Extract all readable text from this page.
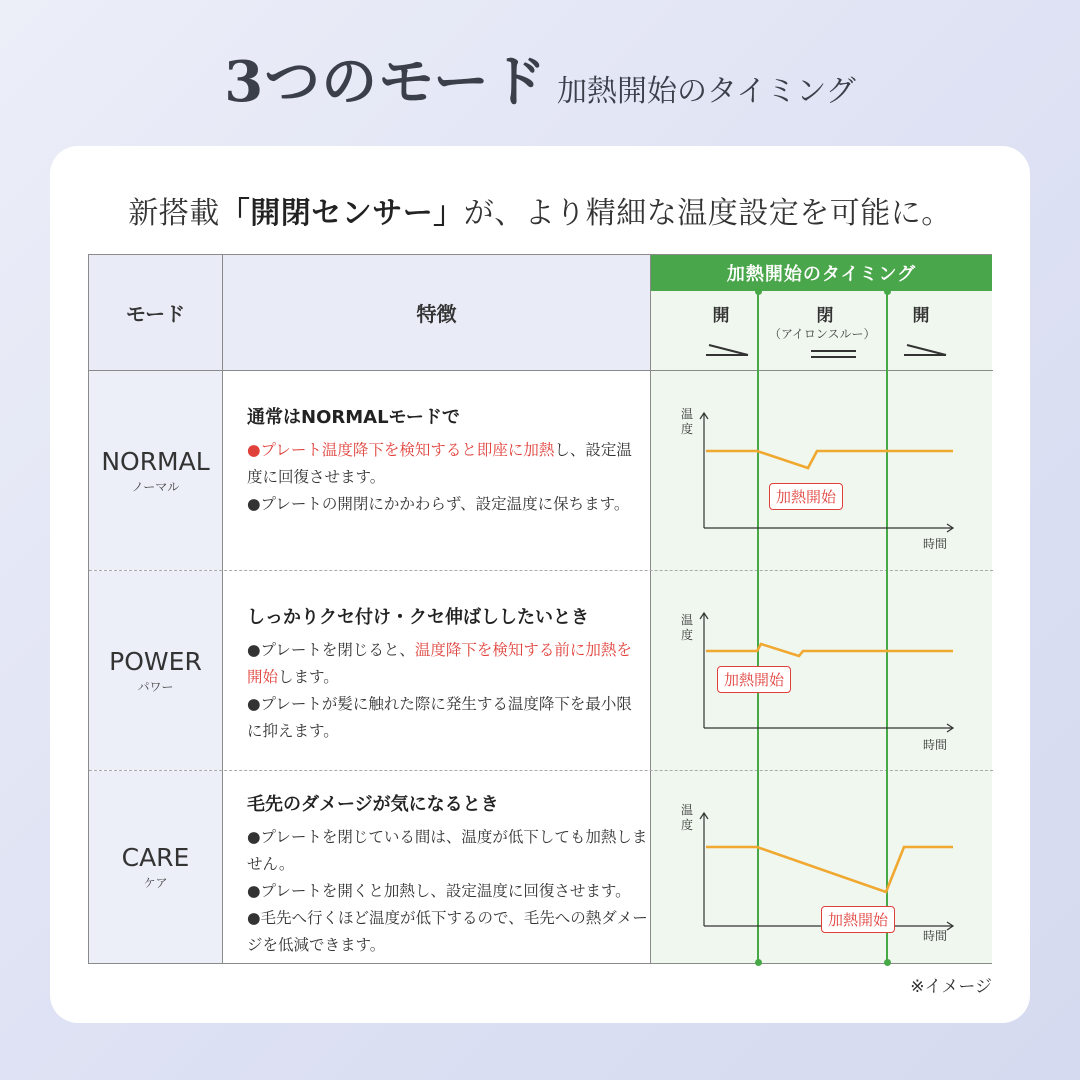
3つのモード 加熱開始のタイミング
新搭載「開閉センサー」が、より精細な温度設定を可能に。
モード	特徴
加熱開始のタイミング
開	閉
（アイロンスルー）
開
NORMAL
ノーマル
通常はNORMALモードで
●プレート温度降下を検知すると即座に加熱し、設定温度に回復させます。
●プレートの開閉にかかわらず、設定温度に保ちます。
温度
時間
加熱開始
POWER
パワー
しっかりクセ付け・クセ伸ばししたいとき
●プレートを閉じると、温度降下を検知する前に加熱を開始します。
●プレートが髪に触れた際に発生する温度降下を最小限に抑えます。
温度
時間
加熱開始
CARE
ケア
毛先のダメージが気になるとき
●プレートを閉じている間は、温度が低下しても加熱しません。
●プレートを開くと加熱し、設定温度に回復させます。
●毛先へ行くほど温度が低下するので、毛先への熱ダメージを低減できます。
温度
時間
加熱開始
※イメージ
